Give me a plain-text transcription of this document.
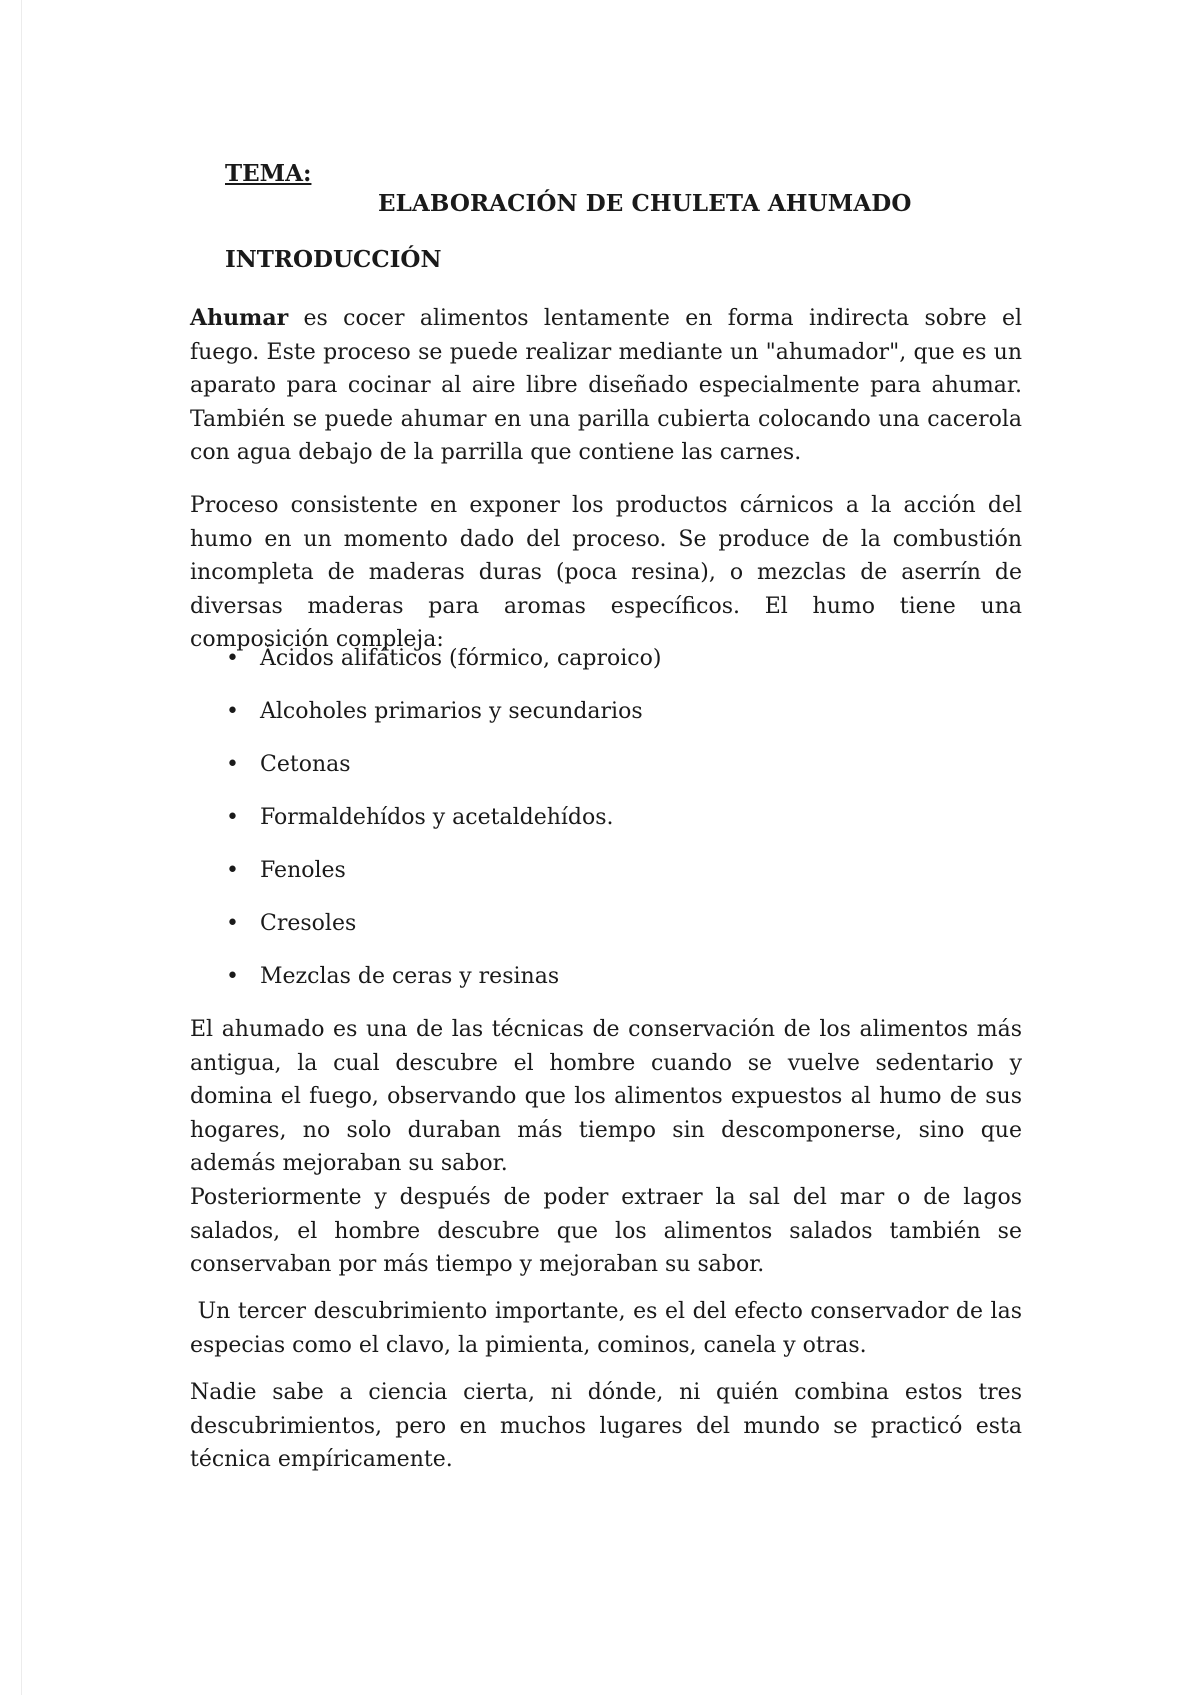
TEMA:

ELABORACIÓN DE CHULETA AHUMADO
INTRODUCCIÓN

Ahumar es cocer alimentos lentamente en forma indirecta sobre el fuego. Este proceso se puede realizar mediante un "ahumador", que es un aparato para cocinar al aire libre diseñado especialmente para ahumar. También se puede ahumar en una parilla cubierta colocando una cacerola con agua debajo de la parrilla que contiene las carnes.

Proceso consistente en exponer los productos cárnicos a la acción del humo en un momento dado del proceso. Se produce de la combustión incompleta de maderas duras (poca resina), o mezclas de aserrín de diversas maderas para aromas específicos. El humo tiene una composición compleja:

• Ácidos alifáticos (fórmico, caproico)
• Alcoholes primarios y secundarios
• Cetonas
• Formaldehídos y acetaldehídos.
• Fenoles
• Cresoles
• Mezclas de ceras y resinas

El ahumado es una de las técnicas de conservación de los alimentos más antigua, la cual descubre el hombre cuando se vuelve sedentario y domina el fuego, observando que los alimentos expuestos al humo de sus hogares, no solo duraban más tiempo sin descomponerse, sino que además mejoraban su sabor.

Posteriormente y después de poder extraer la sal del mar o de lagos salados, el hombre descubre que los alimentos salados también se conservaban por más tiempo y mejoraban su sabor.

Un tercer descubrimiento importante, es el del efecto conservador de las especias como el clavo, la pimienta, cominos, canela y otras.

Nadie sabe a ciencia cierta, ni dónde, ni quién combina estos tres descubrimientos, pero en muchos lugares del mundo se practicó esta técnica empíricamente.
